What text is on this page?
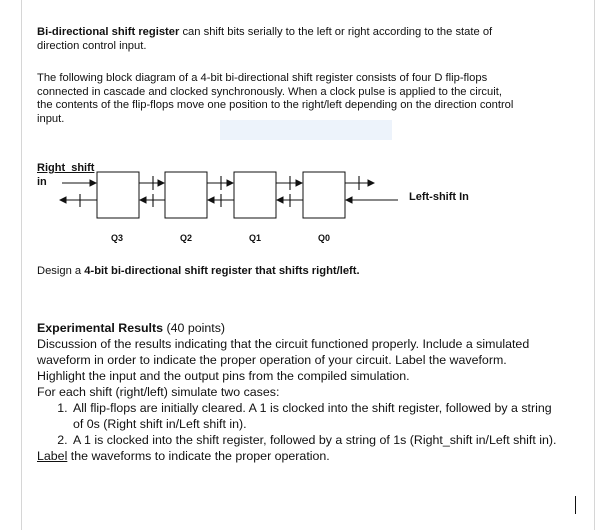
Bi-directional shift register can shift bits serially to the left or right according to the state of direction control input.

The following block diagram of a 4-bit bi-directional shift register consists of four D flip-flops connected in cascade and clocked synchronously. When a clock pulse is applied to the circuit, the contents of the flip-flops move one position to the right/left depending on the direction control input.

Right_shift
in
Left-shift In
Q3	Q2	Q1	Q0
Design a 4-bit bi-directional shift register that shifts right/left.

Experimental Results (40 points)

Discussion of the results indicating that the circuit functioned properly. Include a simulated waveform in order to indicate the proper operation of your circuit. Label the waveform. Highlight the input and the output pins from the compiled simulation.

For each shift (right/left) simulate two cases:

1. All flip-flops are initially cleared. A 1 is clocked into the shift register, followed by a string of 0s (Right shift in/Left shift in).
2. A 1 is clocked into the shift register, followed by a string of 1s (Right_shift in/Left shift in).

Label the waveforms to indicate the proper operation.
